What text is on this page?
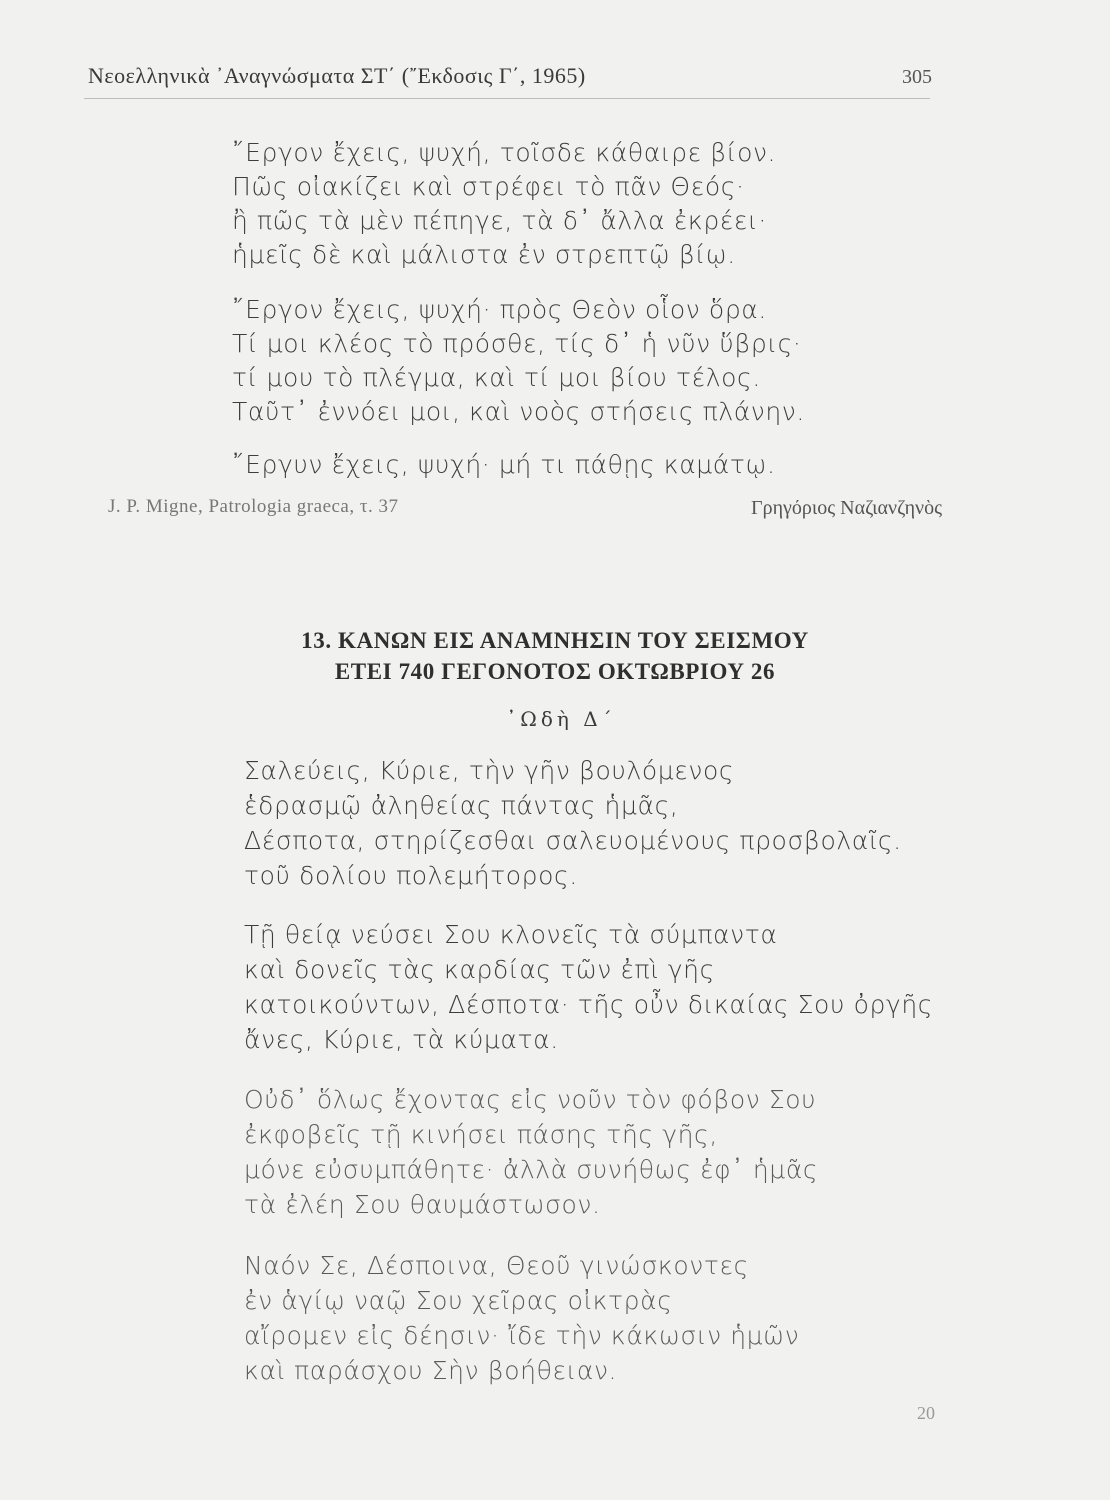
Νεοελληνικὰ ᾿Αναγνώσματα ΣΤ΄ (῎Εκδοσις Γ΄, 1965)	305
῎Εργον ἔχεις, ψυχή, τοῖσδε κάθαιρε βίον.
Πῶς οἰακίζει καὶ στρέφει τὸ πᾶν Θεός·
ἢ πῶς τὰ μὲν πέπηγε, τὰ δ᾿ ἄλλα ἐκρέει·
ἡμεῖς δὲ καὶ μάλιστα ἐν στρεπτῷ βίῳ.
῎Εργον ἔχεις, ψυχή· πρὸς Θεὸν οἷον ὅρα.
Τί μοι κλέος τὸ πρόσθε, τίς δ᾿ ἡ νῦν ὕβρις·
τί μου τὸ πλέγμα, καὶ τί μοι βίου τέλος.
Ταῦτ᾿ ἐννόει μοι, καὶ νοὸς στήσεις πλάνην.
῎Εργυν ἔχεις, ψυχή· μή τι πάθῃς καμάτῳ.
J. P. Migne, Patrologia graeca, τ. 37	Γρηγόριος Ναζιανζηνὸς
13. ΚΑΝΩΝ ΕΙΣ ΑΝΑΜΝΗΣΙΝ ΤΟΥ ΣΕΙΣΜΟΥ
ΕΤΕΙ 740 ΓΕΓΟΝΟΤΟΣ ΟΚΤΩΒΡΙΟΥ 26
᾿Ωδὴ Δ΄
Σαλεύεις, Κύριε, τὴν γῆν βουλόμενος
ἑδρασμῷ ἀληθείας πάντας ἡμᾶς,
Δέσποτα, στηρίζεσθαι σαλευομένους προσβολαῖς.
τοῦ δολίου πολεμήτορος.
Τῇ θείᾳ νεύσει Σου κλονεῖς τὰ σύμπαντα
καὶ δονεῖς τὰς καρδίας τῶν ἐπὶ γῆς
κατοικούντων, Δέσποτα· τῆς οὖν δικαίας Σου ὀργῆς
ἄνες, Κύριε, τὰ κύματα.
Οὐδ᾿ ὅλως ἔχοντας εἰς νοῦν τὸν φόβον Σου
ἐκφοβεῖς τῇ κινήσει πάσης τῆς γῆς,
μόνε εὐσυμπάθητε· ἀλλὰ συνήθως ἐφ᾿ ἡμᾶς
τὰ ἐλέη Σου θαυμάστωσον.
Ναόν Σε, Δέσποινα, Θεοῦ γινώσκοντες
ἐν ἁγίῳ ναῷ Σου χεῖρας οἰκτρὰς
αἴρομεν εἰς δέησιν· ἴδε τὴν κάκωσιν ἡμῶν
καὶ παράσχου Σὴν βοήθειαν.
20
